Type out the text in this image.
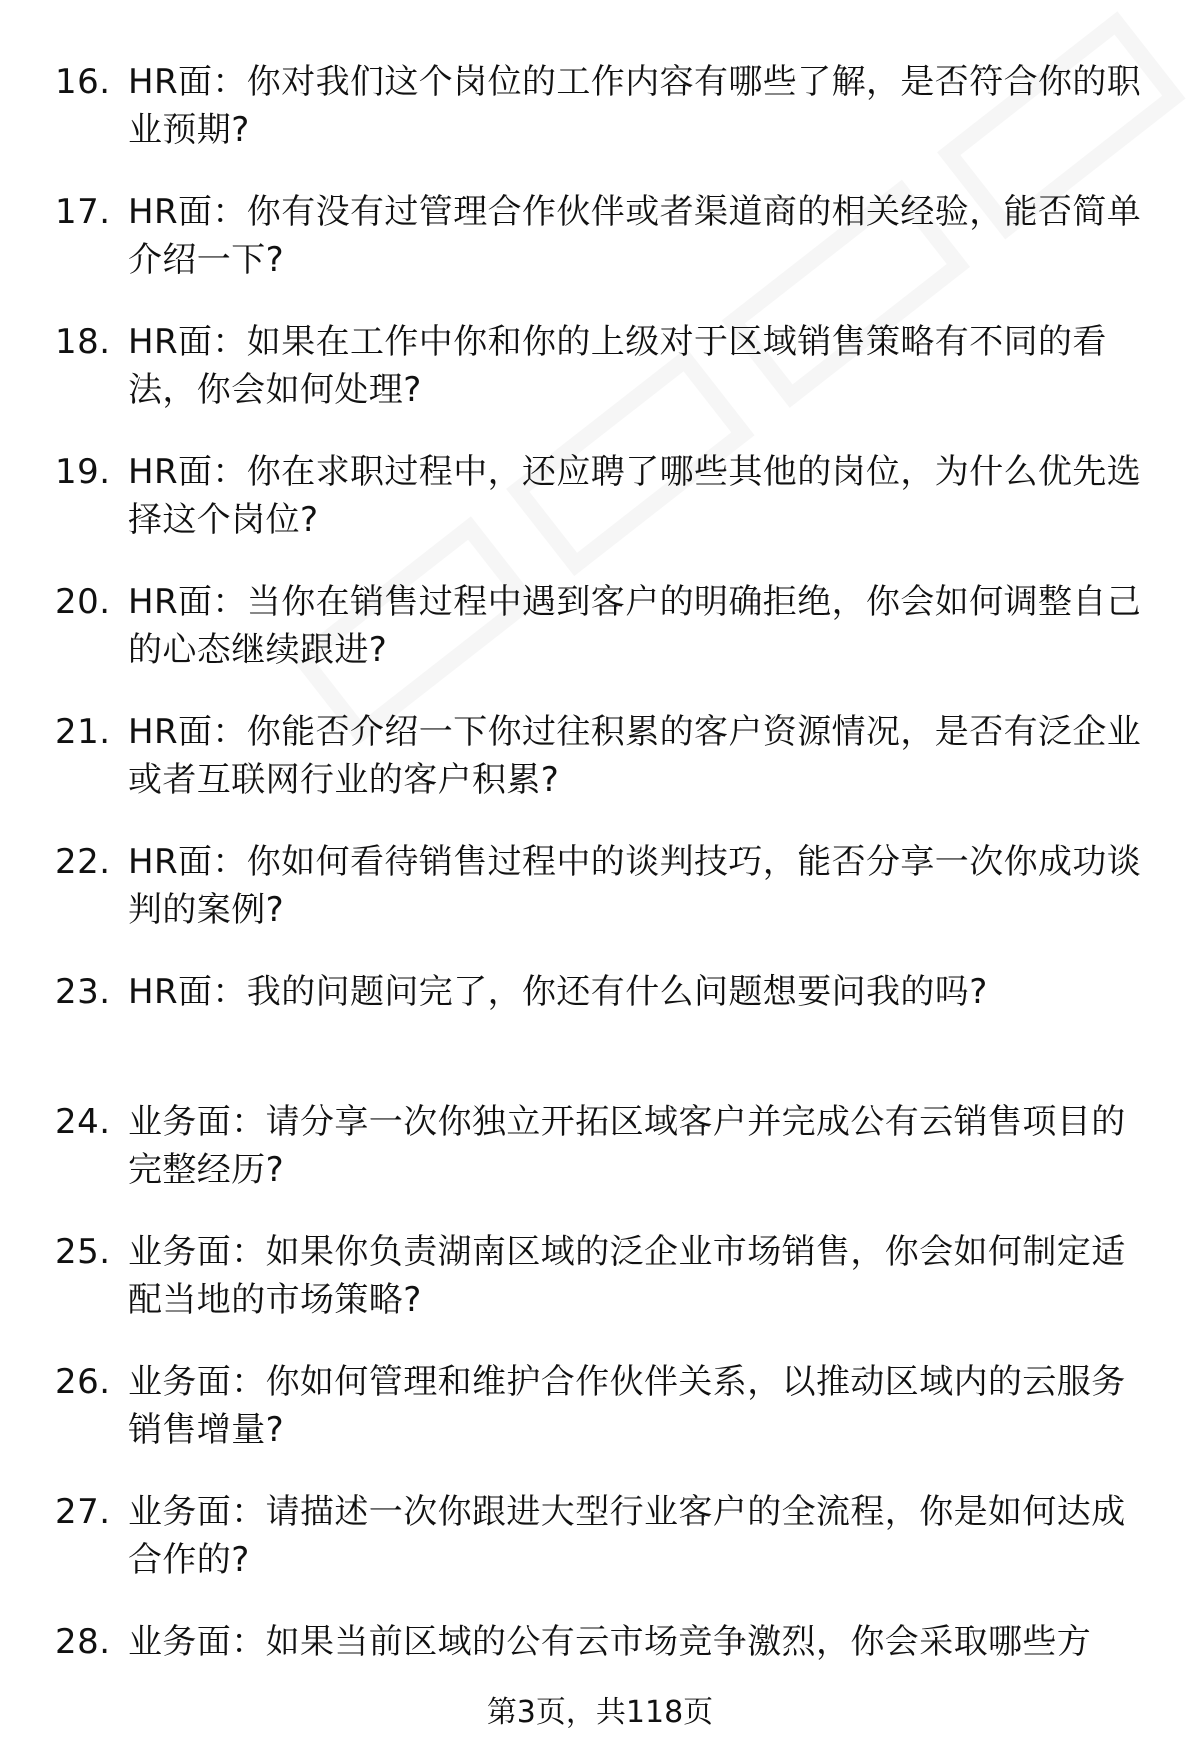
16. HR面：你对我们这个岗位的工作内容有哪些了解，是否符合你的职业预期?
17. HR面：你有没有过管理合作伙伴或者渠道商的相关经验，能否简单介绍一下?
18. HR面：如果在工作中你和你的上级对于区域销售策略有不同的看法，你会如何处理?
19. HR面：你在求职过程中，还应聘了哪些其他的岗位，为什么优先选择这个岗位?
20. HR面：当你在销售过程中遇到客户的明确拒绝，你会如何调整自己的心态继续跟进?
21. HR面：你能否介绍一下你过往积累的客户资源情况，是否有泛企业或者互联网行业的客户积累?
22. HR面：你如何看待销售过程中的谈判技巧，能否分享一次你成功谈判的案例?
23. HR面：我的问题问完了，你还有什么问题想要问我的吗?
24. 业务面：请分享一次你独立开拓区域客户并完成公有云销售项目的完整经历?
25. 业务面：如果你负责湖南区域的泛企业市场销售，你会如何制定适配当地的市场策略?
26. 业务面：你如何管理和维护合作伙伴关系，以推动区域内的云服务销售增量?
27. 业务面：请描述一次你跟进大型行业客户的全流程，你是如何达成合作的?
28. 业务面：如果当前区域的公有云市场竞争激烈，你会采取哪些方
第3页，共118页
